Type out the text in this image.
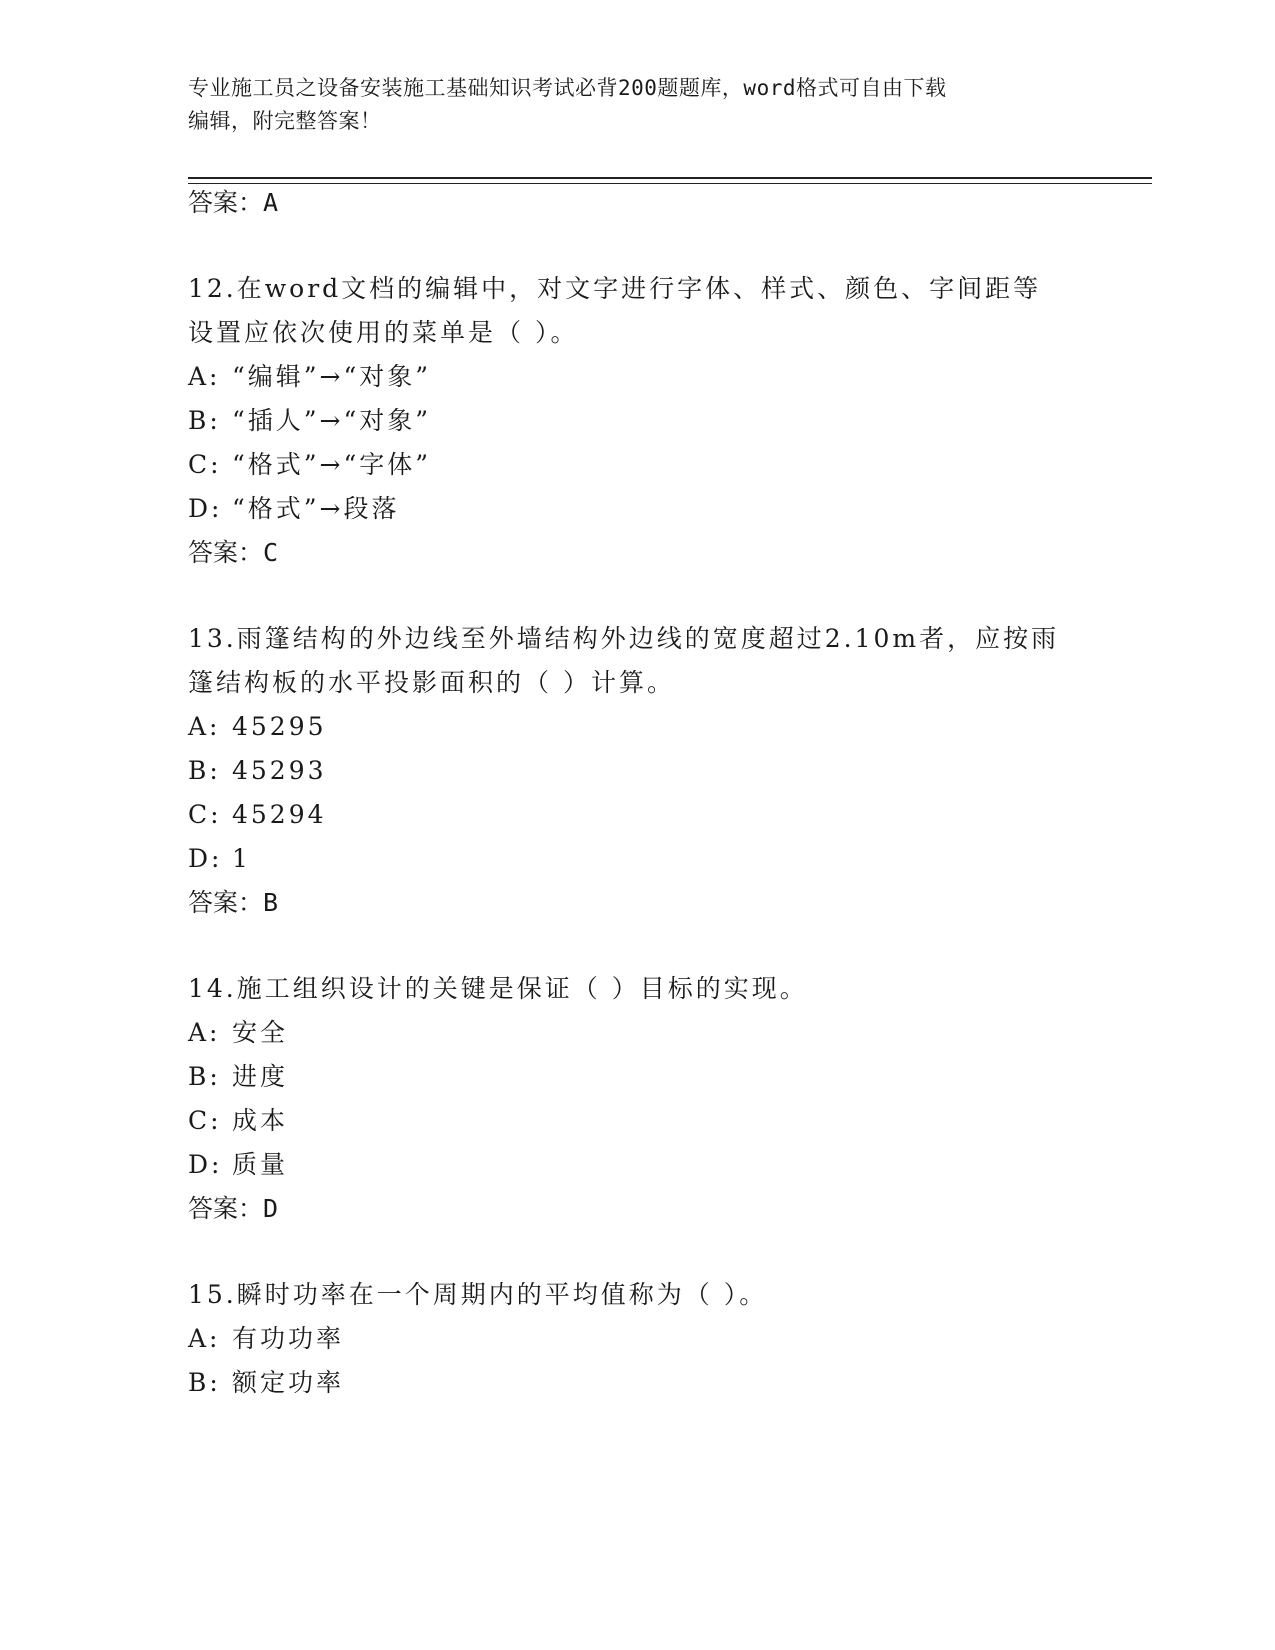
专业施工员之设备安装施工基础知识考试必背200题题库，word格式可自由下载
编辑，附完整答案！
答案：A
12.在word文档的编辑中，对文字进行字体、样式、颜色、字间距等
设置应依次使用的菜单是（ ）。
A: “编辑”→“对象”
B: “插人”→“对象”
C: “格式”→“字体”
D: “格式”→段落
答案：C
13.雨篷结构的外边线至外墙结构外边线的宽度超过2.10m者，应按雨
篷结构板的水平投影面积的（ ）计算。
A: 45295
B: 45293
C: 45294
D: 1
答案：B
14.施工组织设计的关键是保证（ ）目标的实现。
A: 安全
B: 进度
C: 成本
D: 质量
答案：D
15.瞬时功率在一个周期内的平均值称为（ ）。
A: 有功功率
B: 额定功率
